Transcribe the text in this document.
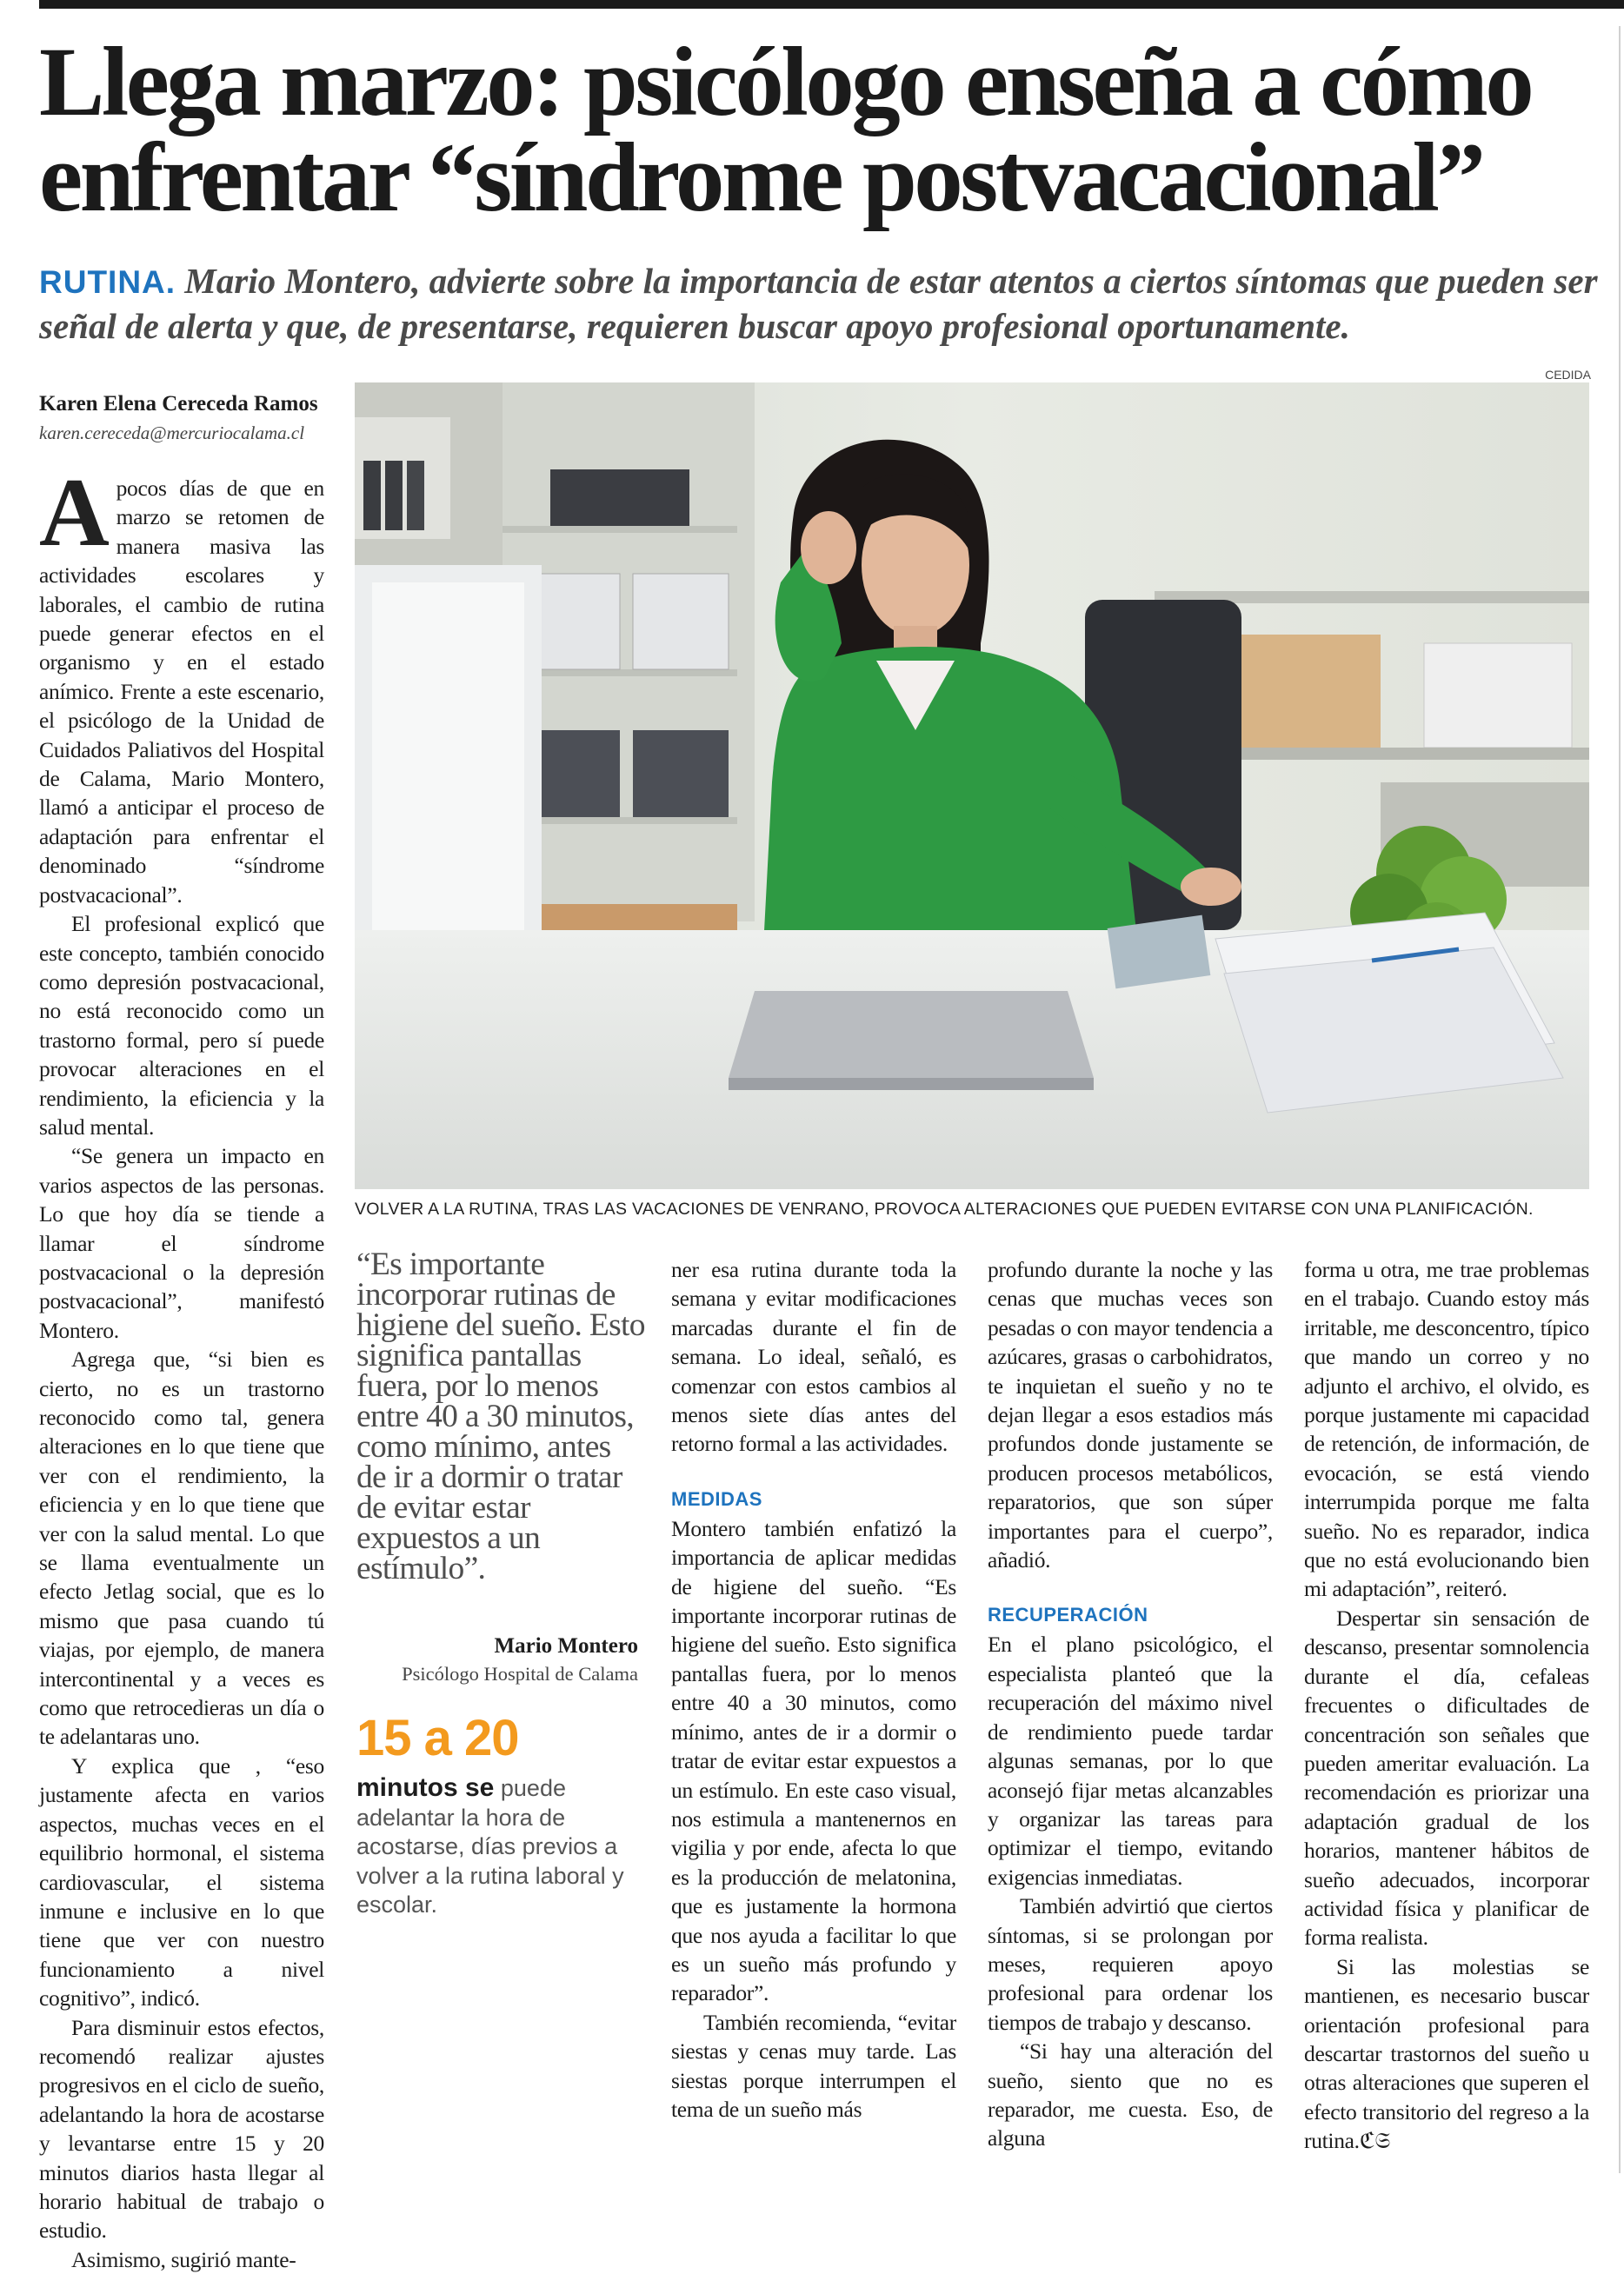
Llega marzo: psicólogo enseña a cómo enfrentar “síndrome postvacacional”
RUTINA. Mario Montero, advierte sobre la importancia de estar atentos a ciertos síntomas que pueden ser señal de alerta y que, de presentarse, requieren buscar apoyo profesional oportunamente.
Karen Elena Cereceda Ramos
karen.cereceda@mercuriocalama.cl
CEDIDA
VOLVER A LA RUTINA, TRAS LAS VACACIONES DE VENRANO, PROVOCA ALTERACIONES QUE PUEDEN EVITARSE CON UNA PLANIFICACIÓN.

Apocos días de que en marzo se retomen de manera masiva las actividades escolares y laborales, el cambio de rutina puede generar efectos en el organismo y en el estado anímico. Frente a este escenario, el psicólogo de la Unidad de Cuidados Paliativos del Hospital de Calama, Mario Montero, llamó a anticipar el proceso de adaptación para enfrentar el denominado “síndrome postvacacional”.

El profesional explicó que este concepto, también conocido como depresión postvacacional, no está reconocido como un trastorno formal, pero sí puede provocar alteraciones en el rendimiento, la eficiencia y la salud mental.

“Se genera un impacto en varios aspectos de las personas. Lo que hoy día se tiende a llamar el síndrome postvacacional o la depresión postvacacional”, manifestó Montero.

Agrega que, “si bien es cierto, no es un trastorno reconocido como tal, genera alteraciones en lo que tiene que ver con el rendimiento, la eficiencia y en lo que tiene que ver con la salud mental. Lo que se llama eventualmente un efecto Jetlag social, que es lo mismo que pasa cuando tú viajas, por ejemplo, de manera intercontinental y a veces es como que retrocedieras un día o te adelantaras uno.

Y explica que , “eso justamente afecta en varios aspectos, muchas veces en el equilibrio hormonal, el sistema cardiovascular, el sistema inmune e inclusive en lo que tiene que ver con nuestro funcionamiento a nivel cognitivo”, indicó.

Para disminuir estos efectos, recomendó realizar ajustes progresivos en el ciclo de sueño, adelantando la hora de acostarse y levantarse entre 15 y 20 minutos diarios hasta llegar al horario habitual de trabajo o estudio.

Asimismo, sugirió mante-

“Es importante incorporar rutinas de higiene del sueño. Esto significa pantallas fuera, por lo menos entre 40 a 30 minutos, como mínimo, antes de ir a dormir o tratar de evitar estar expuestos a un estímulo”.
Mario Montero
Psicólogo Hospital de Calama
15 a 20
minutos se puede adelantar la hora de acostarse, días previos a volver a la rutina laboral y escolar.

ner esa rutina durante toda la semana y evitar modificaciones marcadas durante el fin de semana. Lo ideal, señaló, es comenzar con estos cambios al menos siete días antes del retorno formal a las actividades.

MEDIDAS

Montero también enfatizó la importancia de aplicar medidas de higiene del sueño. “Es importante incorporar rutinas de higiene del sueño. Esto significa pantallas fuera, por lo menos entre 40 a 30 minutos, como mínimo, antes de ir a dormir o tratar de evitar estar expuestos a un estímulo. En este caso visual, nos estimula a mantenernos en vigilia y por ende, afecta lo que es la producción de melatonina, que es justamente la hormona que nos ayuda a facilitar lo que es un sueño más profundo y reparador”.

También recomienda, “evitar siestas y cenas muy tarde. Las siestas porque interrumpen el tema de un sueño más

profundo durante la noche y las cenas que muchas veces son pesadas o con mayor tendencia a azúcares, grasas o carbohidratos, te inquietan el sueño y no te dejan llegar a esos estadios más profundos donde justamente se producen procesos metabólicos, reparatorios, que son súper importantes para el cuerpo”, añadió.

RECUPERACIÓN

En el plano psicológico, el especialista planteó que la recuperación del máximo nivel de rendimiento puede tardar algunas semanas, por lo que aconsejó fijar metas alcanzables y organizar las tareas para optimizar el tiempo, evitando exigencias inmediatas.

También advirtió que ciertos síntomas, si se prolongan por meses, requieren apoyo profesional para ordenar los tiempos de trabajo y descanso.

“Si hay una alteración del sueño, siento que no es reparador, me cuesta. Eso, de alguna

forma u otra, me trae problemas en el trabajo. Cuando estoy más irritable, me desconcentro, típico que mando un correo y no adjunto el archivo, el olvido, es porque justamente mi capacidad de retención, de información, de evocación, se está viendo interrumpida porque me falta sueño. No es reparador, indica que no está evolucionando bien mi adaptación”, reiteró.

Despertar sin sensación de descanso, presentar somnolencia durante el día, cefaleas frecuentes o dificultades de concentración son señales que pueden ameritar evaluación. La recomendación es priorizar una adaptación gradual de los horarios, mantener hábitos de sueño adecuados, incorporar actividad física y planificar de forma realista.

Si las molestias se mantienen, es necesario buscar orientación profesional para descartar trastornos del sueño u otras alteraciones que superen el efecto transitorio del regreso a la rutina.ℭ𝔖
